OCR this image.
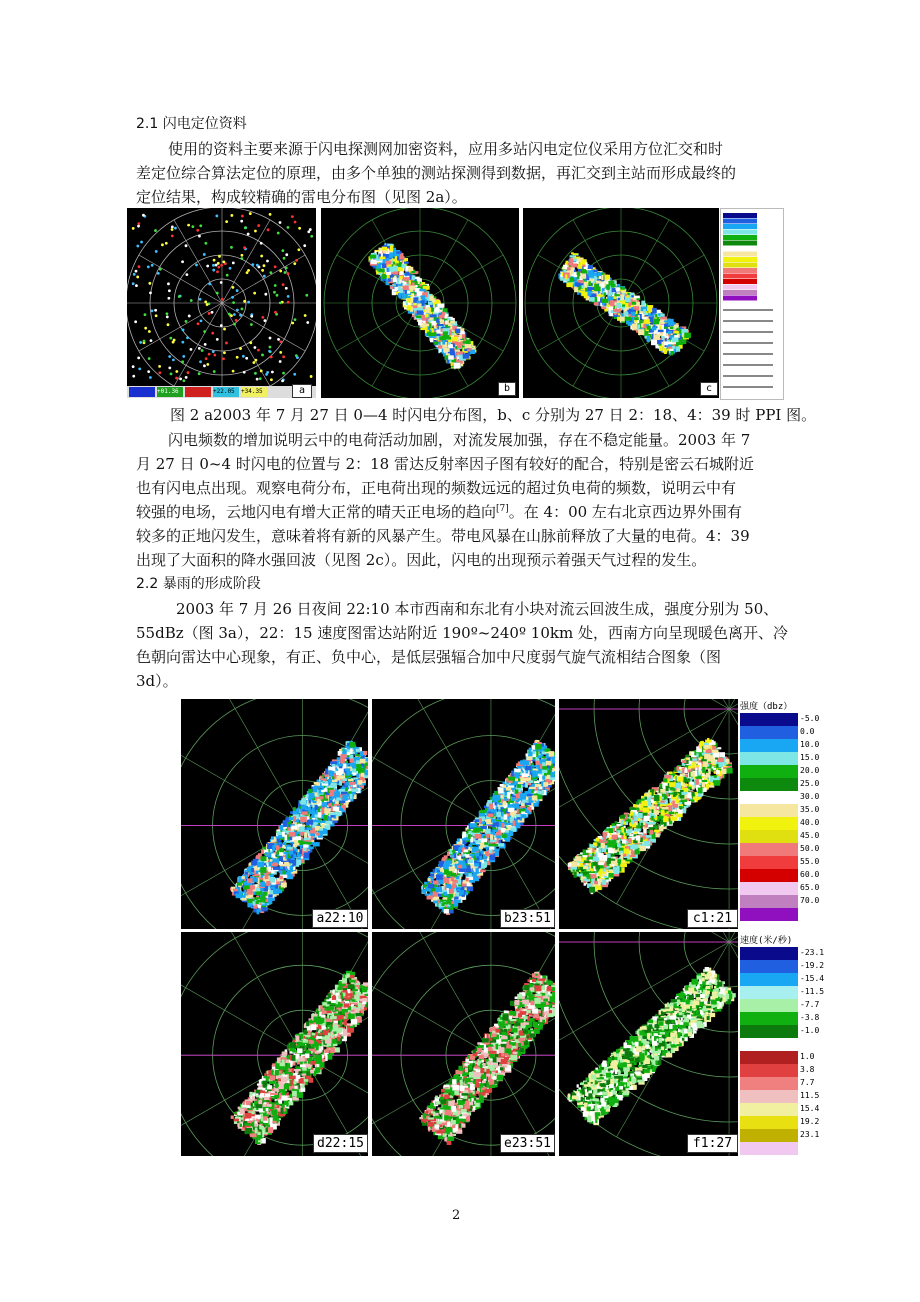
2.1 闪电定位资料
使用的资料主要来源于闪电探测网加密资料，应用多站闪电定位仪采用方位汇交和时
差定位综合算法定位的原理，由多个单独的测站探测得到数据，再汇交到主站而形成最终的
定位结果，构成较精确的雷电分布图（见图 2a）。
+01.36	+22.05	+34.35	a	b	c
图 2 a2003 年 7 月 27 日 0—4 时闪电分布图，b、c 分别为 27 日 2：18、4：39 时 PPI 图。
闪电频数的增加说明云中的电荷活动加剧，对流发展加强，存在不稳定能量。2003 年 7
月 27 日 0~4 时闪电的位置与 2：18 雷达反射率因子图有较好的配合，特别是密云石城附近
也有闪电点出现。观察电荷分布，正电荷出现的频数远远的超过负电荷的频数，说明云中有
较强的电场，云地闪电有增大正常的晴天正电场的趋向[7]。在 4：00 左右北京西边界外围有
较多的正地闪发生，意味着将有新的风暴产生。带电风暴在山脉前释放了大量的电荷。4：39
出现了大面积的降水强回波（见图 2c）。因此，闪电的出现预示着强天气过程的发生。
2.2 暴雨的形成阶段
2003 年 7 月 26 日夜间 22:10 本市西南和东北有小块对流云回波生成，强度分别为 50、
55dBz（图 3a），22：15 速度图雷达站附近 190º~240º 10km 处，西南方向呈现暖色离开、冷
色朝向雷达中心现象，有正、负中心，是低层强辐合加中尺度弱气旋气流相结合图象（图
3d）。
a22:10	b23:51	c1:21
d22:15	e23:51	f1:27
强度（dbz）
-5.0
0.0
10.0
15.0
20.0
25.0
30.0
35.0
40.0
45.0
50.0
55.0
60.0
65.0
70.0
速度(米/秒)
-23.1
-19.2
-15.4
-11.5
-7.7
-3.8
-1.0
1.0
3.8
7.7
11.5
15.4
19.2
23.1
2
